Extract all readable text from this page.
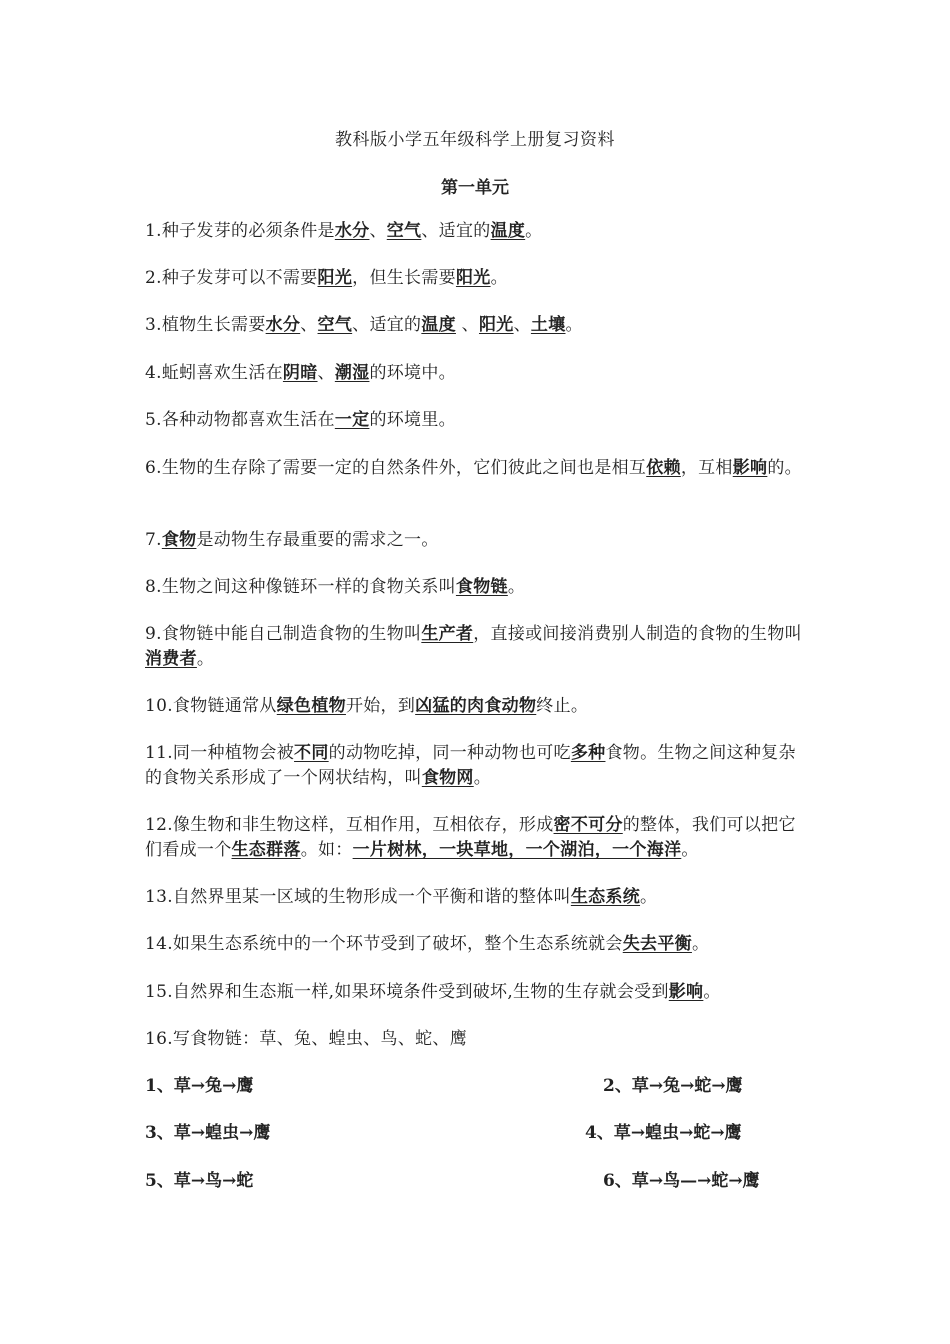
教科版小学五年级科学上册复习资料
第一单元
1.种子发芽的必须条件是水分、空气、适宜的温度。
2.种子发芽可以不需要阳光，但生长需要阳光。
3.植物生长需要水分、空气、适宜的温度 、阳光、土壤。
4.蚯蚓喜欢生活在阴暗、潮湿的环境中。
5.各种动物都喜欢生活在一定的环境里。
6.生物的生存除了需要一定的自然条件外，它们彼此之间也是相互依赖，互相影响的。
7.食物是动物生存最重要的需求之一。
8.生物之间这种像链环一样的食物关系叫食物链。
9.食物链中能自己制造食物的生物叫生产者，直接或间接消费别人制造的食物的生物叫消费者。
10.食物链通常从绿色植物开始，到凶猛的肉食动物终止。
11.同一种植物会被不同的动物吃掉，同一种动物也可吃多种食物。生物之间这种复杂的食物关系形成了一个网状结构，叫食物网。
12.像生物和非生物这样，互相作用，互相依存，形成密不可分的整体，我们可以把它们看成一个生态群落。如：一片树林，一块草地，一个湖泊，一个海洋。
13.自然界里某一区域的生物形成一个平衡和谐的整体叫生态系统。
14.如果生态系统中的一个环节受到了破坏，整个生态系统就会失去平衡。
15.自然界和生态瓶一样,如果环境条件受到破坏,生物的生存就会受到影响。
16.写食物链：草、兔、蝗虫、鸟、蛇、鹰
1、草→兔→鹰	2、草→兔→蛇→鹰
3、草→蝗虫→鹰	4、草→蝗虫→蛇→鹰
5、草→鸟→蛇	6、草→鸟—→蛇→鹰
